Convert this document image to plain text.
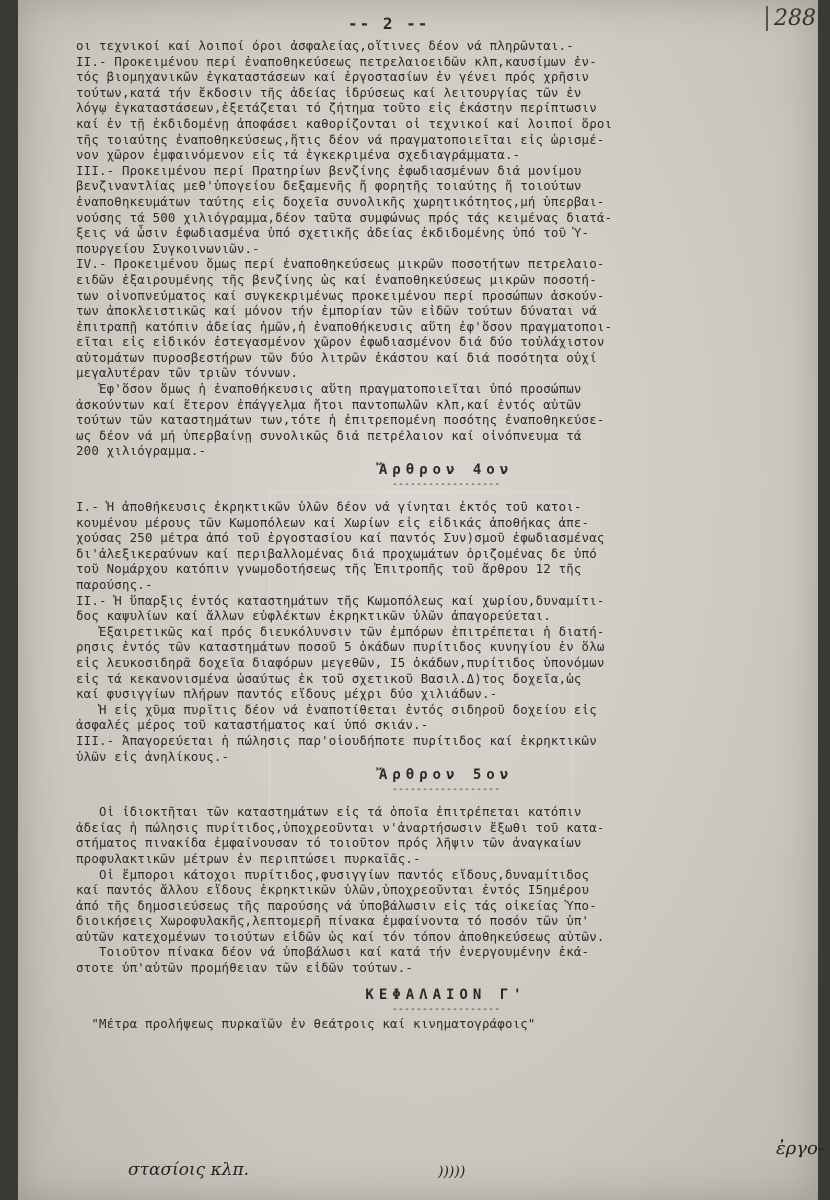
-- 2 --	288
οι τεχνικοί καί λοιποί όροι ἀσφαλείας,οἵτινες δέον νά πληρῶνται.-
II.- Προκειμένου περί ἐναποθηκεύσεως πετρελαιοειδῶν κλπ,καυσίμων ἐν-
τός βιομηχανικῶν ἐγκαταστάσεων καί ἐργοστασίων ἐν γένει πρός χρῆσιν
τούτων,κατά τήν ἔκδοσιν τῆς ἀδείας ἱδρύσεως καί λειτουργίας τῶν ἐν
λόγῳ ἐγκαταστάσεων,ἐξετάζεται τό ζήτημα τοῦτο εἰς ἑκάστην περίπτωσιν
καί ἐν τῇ ἐκδιδομένῃ ἀποφάσει καθορίζονται οἱ τεχνικοί καί λοιποί ὅροι
τῆς τοιαύτης ἐναποθηκεύσεως,ἥτις δέον νά πραγματοποιεῖται εἰς ὡρισμέ-
νον χῶρον ἐμφαινόμενον εἰς τά ἐγκεκριμένα σχεδιαγράμματα.-
III.- Προκειμένου περί Πρατηρίων βενζίνης ἐφωδιασμένων διά μονίμου
βενζιναντλίας μεθ'ὑπογείου δεξαμενῆς ἤ φορητῆς τοιαύτης ἤ τοιούτων
ἐναποθηκευμάτων ταύτης εἰς δοχεῖα συνολικῆς χωρητικότητος,μή ὑπερβαι-
νούσης τά 500 χιλιόγραμμα,δέον ταῦτα συμφώνως πρός τάς κειμένας διατά-
ξεις νά ὦσιν ἐφωδιασμένα ὑπό σχετικῆς ἀδείας ἐκδιδομένης ὑπό τοῦ Ὑ-
πουργείου Συγκοινωνιῶν.-
IV.- Προκειμένου ὅμως περί ἐναποθηκεύσεως μικρῶν ποσοτήτων πετρελαιο-
ειδῶν ἐξαιρουμένης τῆς βενζίνης ὡς καί ἐναποθηκεύσεως μικρῶν ποσοτή-
των οἰνοπνεύματος καί συγκεκριμένως προκειμένου περί προσώπων ἀσκούν-
των ἀποκλειστικῶς καί μόνον τήν ἐμπορίαν τῶν εἰδῶν τούτων δύναται νά
ἐπιτραπῇ κατόπιν ἀδείας ἡμῶν,ἡ ἐναποθήκευσις αὕτη ἐφ'ὅσον πραγματοποι-
εῖται εἰς εἰδικόν ἐστεγασμένον χῶρον ἐφωδιασμένον διά δύο τοὐλάχιστον
αὐτομάτων πυροσβεστήρων τῶν δύο λιτρῶν ἑκάστου καί διά ποσότητα οὐχί
μεγαλυτέραν τῶν τριῶν τόννων.
Ἐφ'ὅσον ὅμως ἡ ἐναποθήκευσις αὕτη πραγματοποιεῖται ὑπό προσώπων
ἀσκούντων καί ἕτερον ἐπάγγελμα ἤτοι παντοπωλῶν κλπ,καί ἐντός αὐτῶν
τούτων τῶν καταστημάτων των,τότε ἡ ἐπιτρεπομένη ποσότης ἐναποθηκεύσε-
ως δέον νά μή ὑπερβαίνῃ συνολικῶς διά πετρέλαιον καί οἰνόπνευμα τά
200 χιλιόγραμμα.-
Ἄρθρον 4ον
------------------
I.- Ἡ ἀποθήκευσις ἐκρηκτικῶν ὑλῶν δέον νά γίνηται ἐκτός τοῦ κατοι-
κουμένου μέρους τῶν Κωμοπόλεων καί Χωρίων εἰς εἰδικάς ἀποθήκας ἀπε-
χούσας 250 μέτρα ἀπό τοῦ ἐργοστασίου καί παντός Συν)σμοῦ ἐφωδιασμένας
δι'ἀλεξικεραύνων καί περιβαλλομένας διά προχωμάτων ὁριζομένας δε ὑπό
τοῦ Νομάρχου κατόπιν γνωμοδοτήσεως τῆς Ἐπιτροπῆς τοῦ ἄρθρου 12 τῆς
παρούσης.-
II.- Ἡ ὕπαρξις ἐντός καταστημάτων τῆς Κωμοπόλεως καί χωρίου,δυναμίτι-
δος καψυλίων καί ἄλλων εὐφλέκτων ἐκρηκτικῶν ὑλῶν ἀπαγορεύεται.
Ἐξαιρετικῶς καί πρός διευκόλυνσιν τῶν ἐμπόρων ἐπιτρέπεται ἡ διατή-
ρησις ἐντός τῶν καταστημάτων ποσοῦ 5 ὀκάδων πυρίτιδος κυνηγίου ἐν ὅλω
εἰς λευκοσιδηρᾶ δοχεῖα διαφόρων μεγεθῶν, I5 ὀκάδων,πυρίτιδος ὑπονόμων
εἰς τά κεκανονισμένα ὡσαύτως ἐκ τοῦ σχετικοῦ Βασιλ.Δ)τος δοχεῖα,ὡς
καί φυσιγγίων πλήρων παντός εἴδους μέχρι δύο χιλιάδων.-
Ἡ εἰς χῦμα πυρῖτις δέον νά ἐναποτίθεται ἐντός σιδηροῦ δοχείου εἰς
ἀσφαλές μέρος τοῦ καταστήματος καί ὑπό σκιάν.-
III.- Ἀπαγορεύεται ἡ πώλησις παρ'οἱουδήποτε πυρίτιδος καί ἐκρηκτικῶν
ὑλῶν εἰς ἀνηλίκους.-
Ἄρθρον 5ον
------------------
Οἱ ἰδιοκτῆται τῶν καταστημάτων εἰς τά ὁποῖα ἐπιτρέπεται κατόπιν
ἀδείας ἡ πώλησις πυρίτιδος,ὑποχρεοῦνται ν'ἀναρτήσωσιν ἔξωθι τοῦ κατα-
στήματος πινακίδα ἐμφαίνουσαν τό τοιοῦτον πρός λῆψιν τῶν ἀναγκαίων
προφυλακτικῶν μέτρων ἐν περιπτώσει πυρκαϊᾶς.-
Οἱ ἔμποροι κάτοχοι πυρίτιδος,φυσιγγίων παντός εἴδους,δυναμίτιδος
καί παντός ἄλλου εἴδους ἐκρηκτικῶν ὑλῶν,ὑποχρεοῦνται ἐντός I5ημέρου
ἀπό τῆς δημοσιεύσεως τῆς παρούσης νά ὑποβάλωσιν εἰς τάς οἰκείας Ὑπο-
διοικήσεις Χωροφυλακῆς,λεπτομερῆ πίνακα ἐμφαίνοντα τό ποσόν τῶν ὑπ'
αὐτῶν κατεχομένων τοιούτων εἰδῶν ὡς καί τόν τόπον ἀποθηκεύσεως αὐτῶν.
Τοιοῦτον πίνακα δέον νά ὑποβάλωσι καί κατά τήν ἐνεργουμένην ἑκά-
στοτε ὑπ'αὐτῶν προμήθειαν τῶν εἰδῶν τούτων.-
ΚΕΦΑΛΑΙΟΝ Γ'
------------------
"Μέτρα προλήψεως πυρκαϊῶν ἐν θεάτροις καί κινηματογράφοις"
ἐργο-
στασίοις κλπ.	)))))
